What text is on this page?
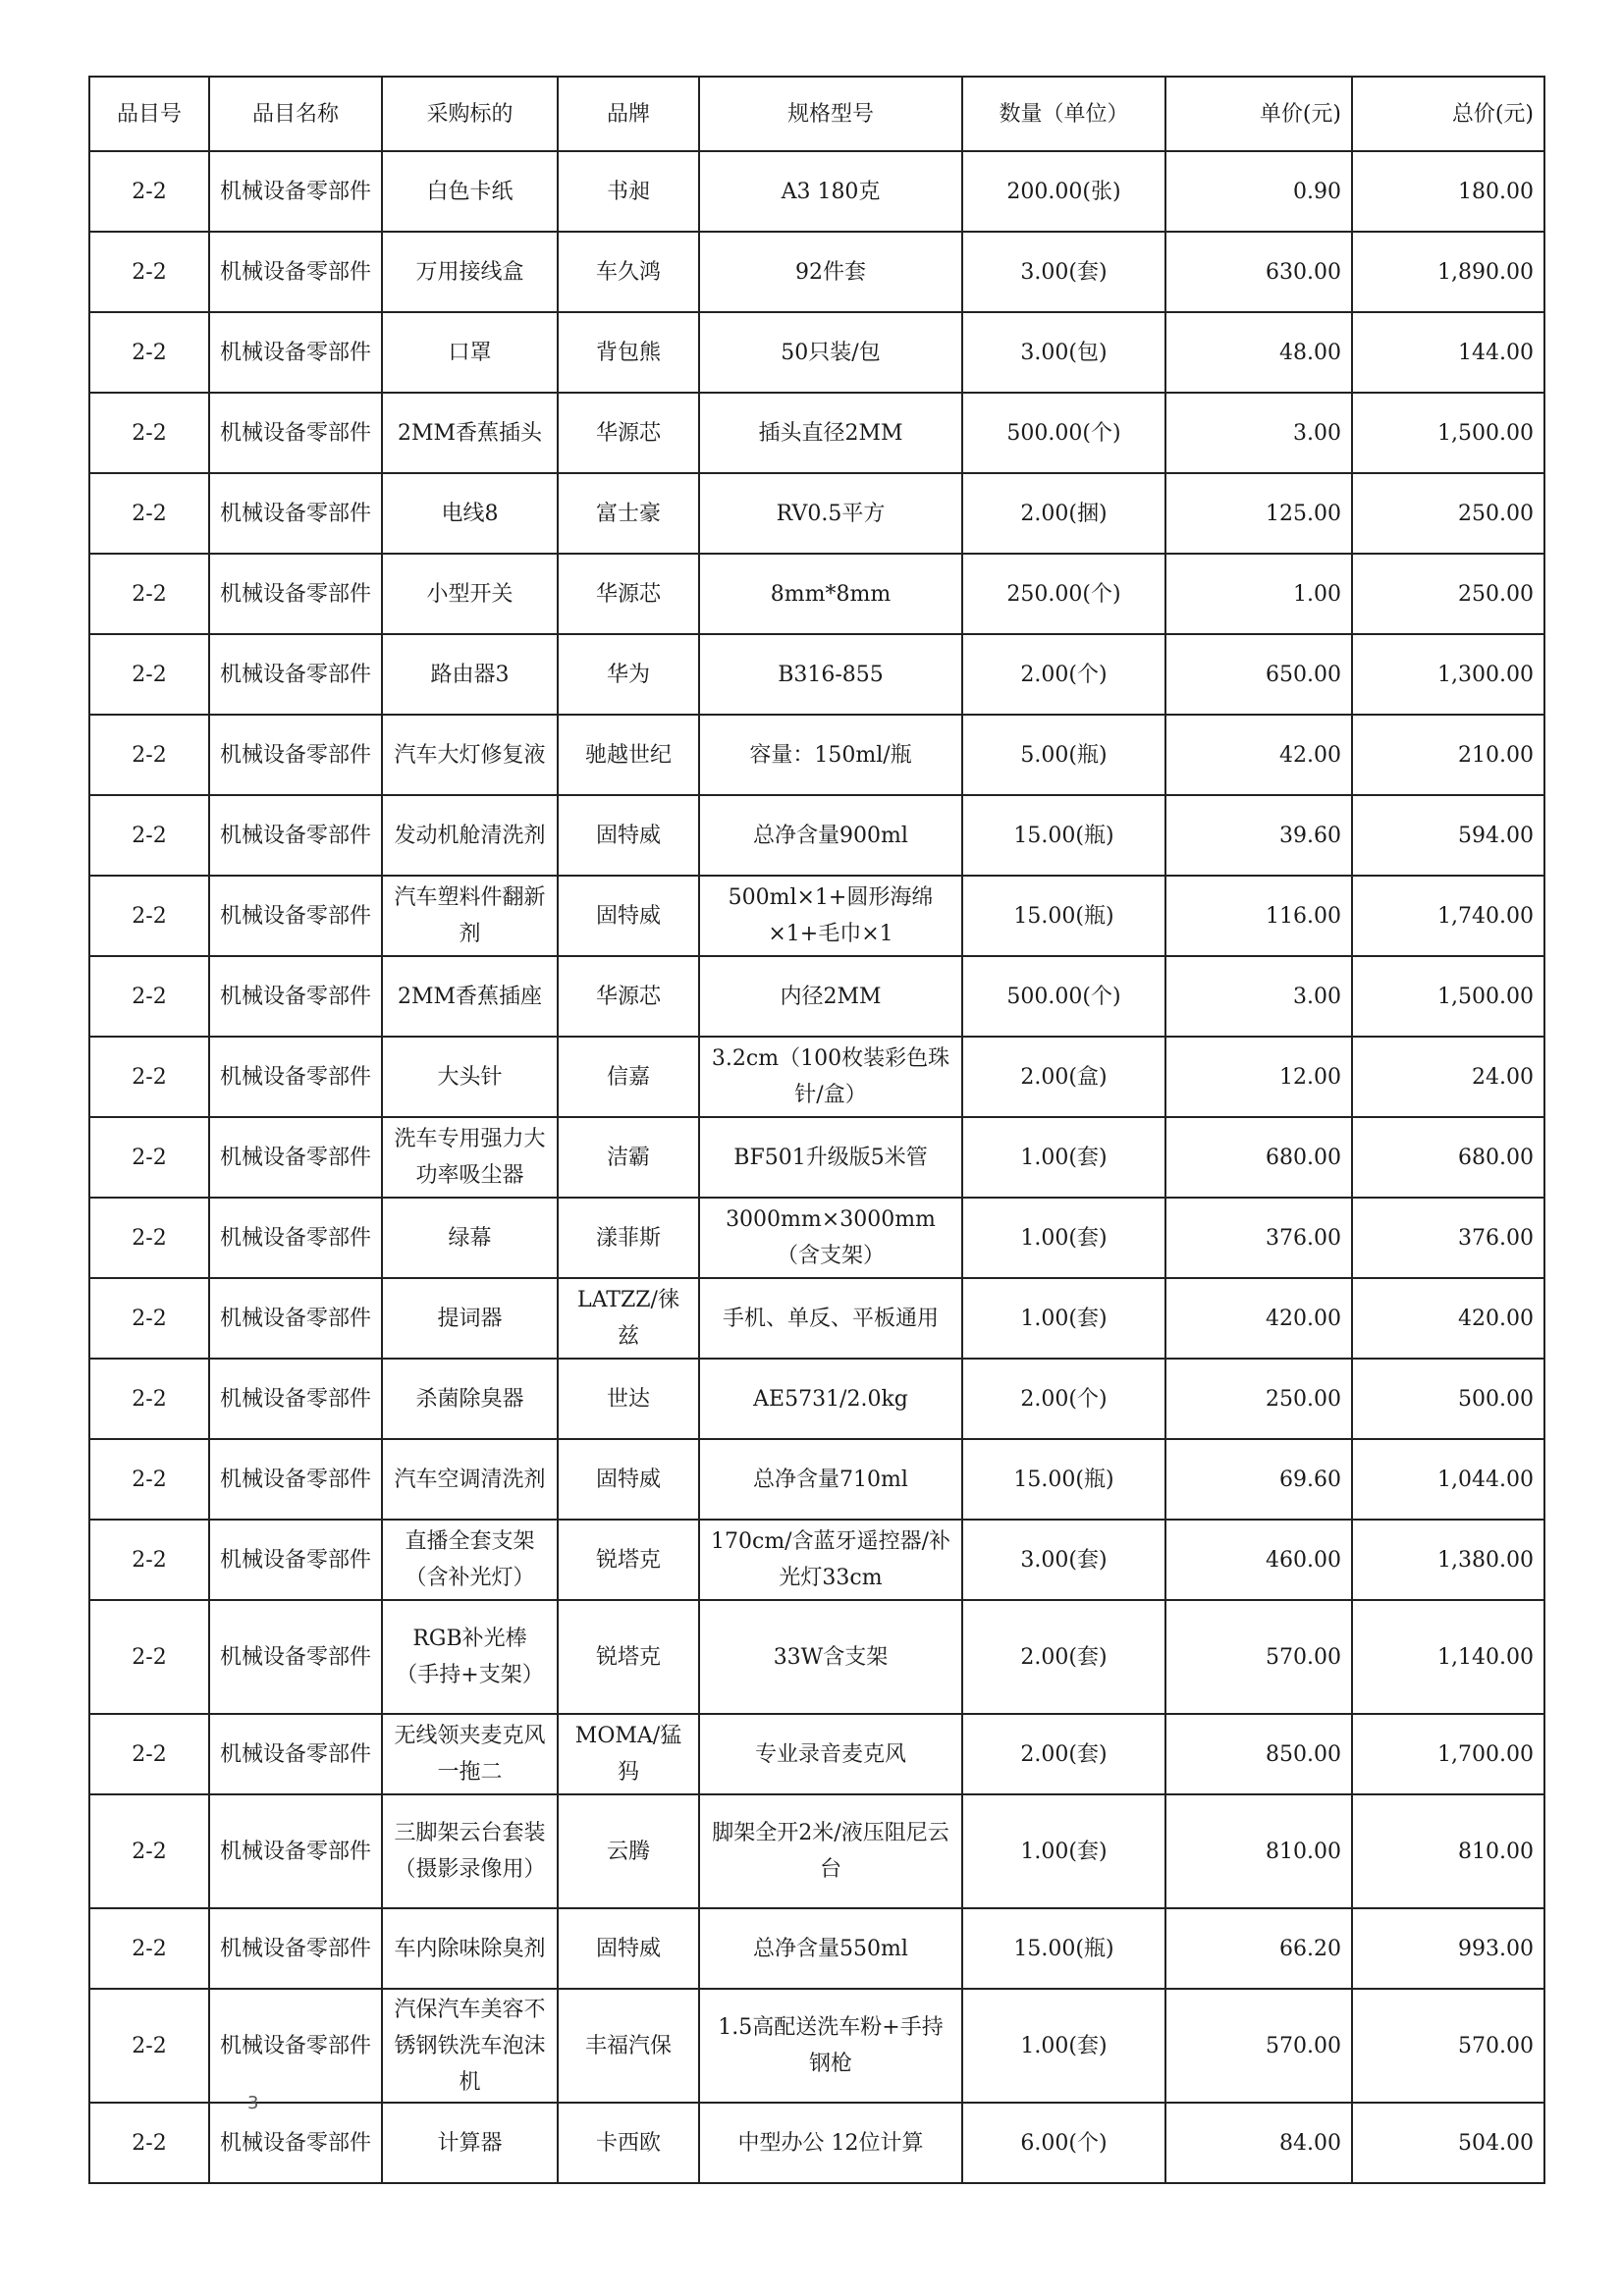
品目号	品目名称	采购标的	品牌	规格型号	数量（单位）	单价(元)	总价(元)
2-2	机械设备零部件	白色卡纸	书昶	A3 180克	200.00(张)	0.90	180.00
2-2	机械设备零部件	万用接线盒	车久鸿	92件套	3.00(套)	630.00	1,890.00
2-2	机械设备零部件	口罩	背包熊	50只装/包	3.00(包)	48.00	144.00
2-2	机械设备零部件	2MM香蕉插头	华源芯	插头直径2MM	500.00(个)	3.00	1,500.00
2-2	机械设备零部件	电线8	富士豪	RV0.5平方	2.00(捆)	125.00	250.00
2-2	机械设备零部件	小型开关	华源芯	8mm*8mm	250.00(个)	1.00	250.00
2-2	机械设备零部件	路由器3	华为	B316-855	2.00(个)	650.00	1,300.00
2-2	机械设备零部件	汽车大灯修复液	驰越世纪	容量：150ml/瓶	5.00(瓶)	42.00	210.00
2-2	机械设备零部件	发动机舱清洗剂	固特威	总净含量900ml	15.00(瓶)	39.60	594.00
2-2	机械设备零部件	汽车塑料件翻新剂	固特威	500ml×1+圆形海绵×1+毛巾×1	15.00(瓶)	116.00	1,740.00
2-2	机械设备零部件	2MM香蕉插座	华源芯	内径2MM	500.00(个)	3.00	1,500.00
2-2	机械设备零部件	大头针	信嘉	3.2cm（100枚装彩色珠针/盒）	2.00(盒)	12.00	24.00
2-2	机械设备零部件	洗车专用强力大功率吸尘器	洁霸	BF501升级版5米管	1.00(套)	680.00	680.00
2-2	机械设备零部件	绿幕	漾菲斯	3000mm×3000mm（含支架）	1.00(套)	376.00	376.00
2-2	机械设备零部件	提词器	LATZZ/徕兹	手机、单反、平板通用	1.00(套)	420.00	420.00
2-2	机械设备零部件	杀菌除臭器	世达	AE5731/2.0kg	2.00(个)	250.00	500.00
2-2	机械设备零部件	汽车空调清洗剂	固特威	总净含量710ml	15.00(瓶)	69.60	1,044.00
2-2	机械设备零部件	直播全套支架（含补光灯）	锐塔克	170cm/含蓝牙遥控器/补光灯33cm	3.00(套)	460.00	1,380.00
2-2	机械设备零部件	RGB补光棒（手持+支架）	锐塔克	33W含支架	2.00(套)	570.00	1,140.00
2-2	机械设备零部件	无线领夹麦克风一拖二	MOMA/猛犸	专业录音麦克风	2.00(套)	850.00	1,700.00
2-2	机械设备零部件	三脚架云台套装（摄影录像用）	云腾	脚架全开2米/液压阻尼云台	1.00(套)	810.00	810.00
2-2	机械设备零部件	车内除味除臭剂	固特威	总净含量550ml	15.00(瓶)	66.20	993.00
2-2	机械设备零部件	汽保汽车美容不锈钢铁洗车泡沫机	丰福汽保	1.5高配送洗车粉+手持钢枪	1.00(套)	570.00	570.00
2-2	机械设备零部件	计算器	卡西欧	中型办公 12位计算	6.00(个)	84.00	504.00
3
